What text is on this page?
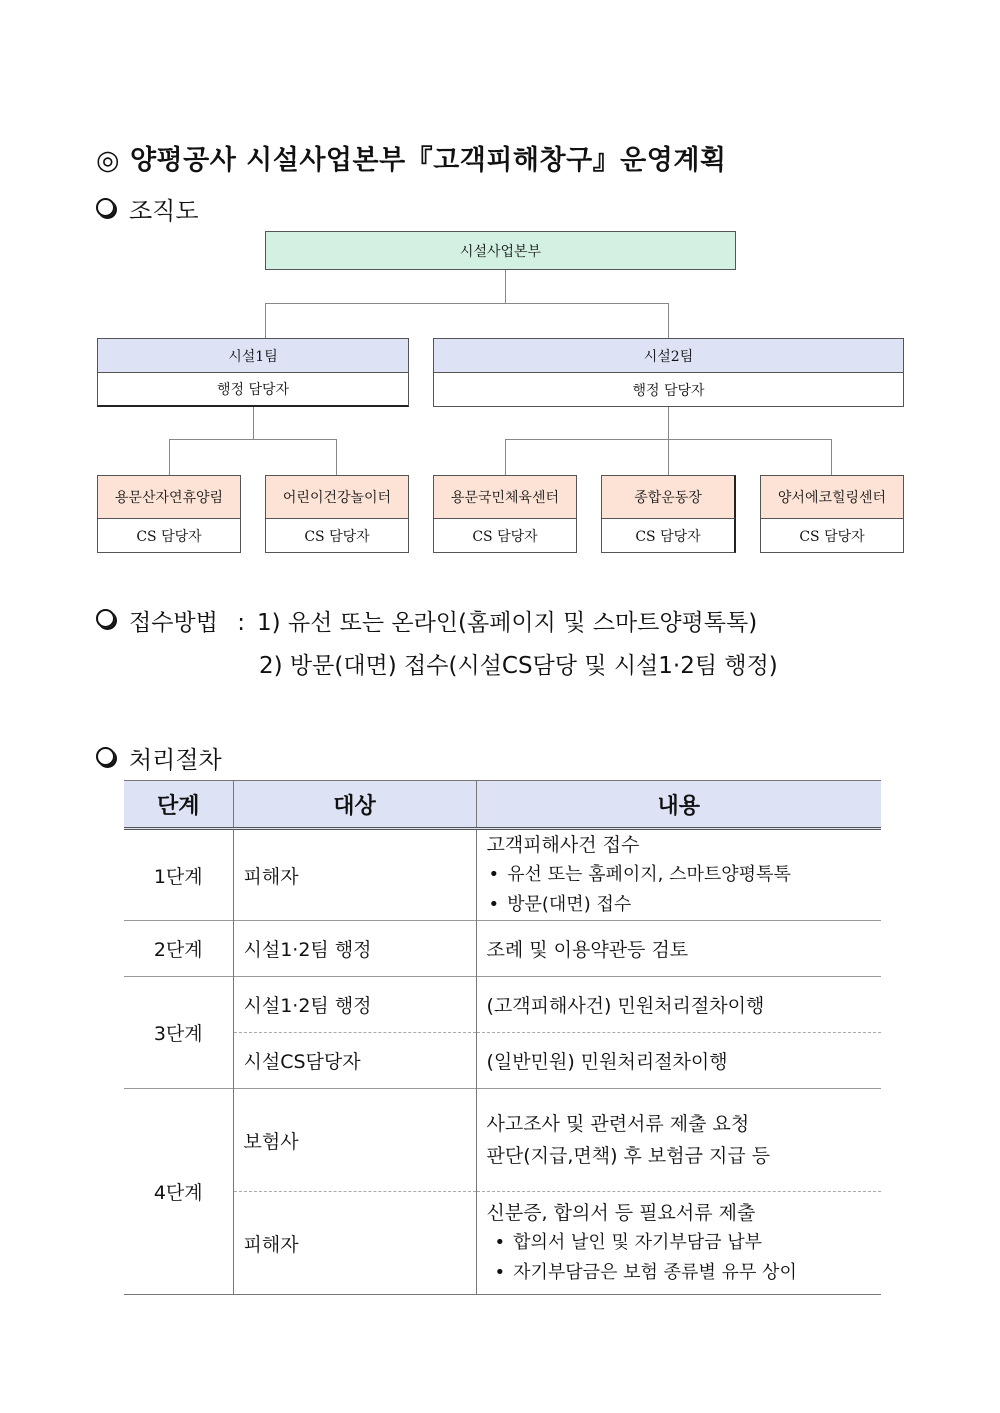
◎ 양평공사 시설사업본부『고객피해창구』운영계획
조직도
시설사업본부
시설1팀
행정 담당자
시설2팀
행정 담당자
용문산자연휴양림
CS 담당자
어린이건강놀이터
CS 담당자
용문국민체육센터
CS 담당자
종합운동장
CS 담당자
양서에코힐링센터
CS 담당자
접수방법 : 1) 유선 또는 온라인(홈페이지 및 스마트양평톡톡)
2) 방문(대면) 접수(시설CS담당 및 시설1·2팀 행정)
처리절차
단계	대상	내용
1단계	피해자	고객피해사건 접수
• 유선 또는 홈페이지, 스마트양평톡톡
• 방문(대면) 접수

2단계	시설1·2팀 행정	조례 및 이용약관등 검토
3단계	시설1·2팀 행정	(고객피해사건) 민원처리절차이행
	시설CS담당자	(일반민원) 민원처리절차이행
4단계	보험사	사고조사 및 관련서류 제출 요청
판단(지급,면책) 후 보험금 지급 등

	피해자	신분증, 합의서 등 필요서류 제출
• 합의서 날인 및 자기부담금 납부
• 자기부담금은 보험 종류별 유무 상이
